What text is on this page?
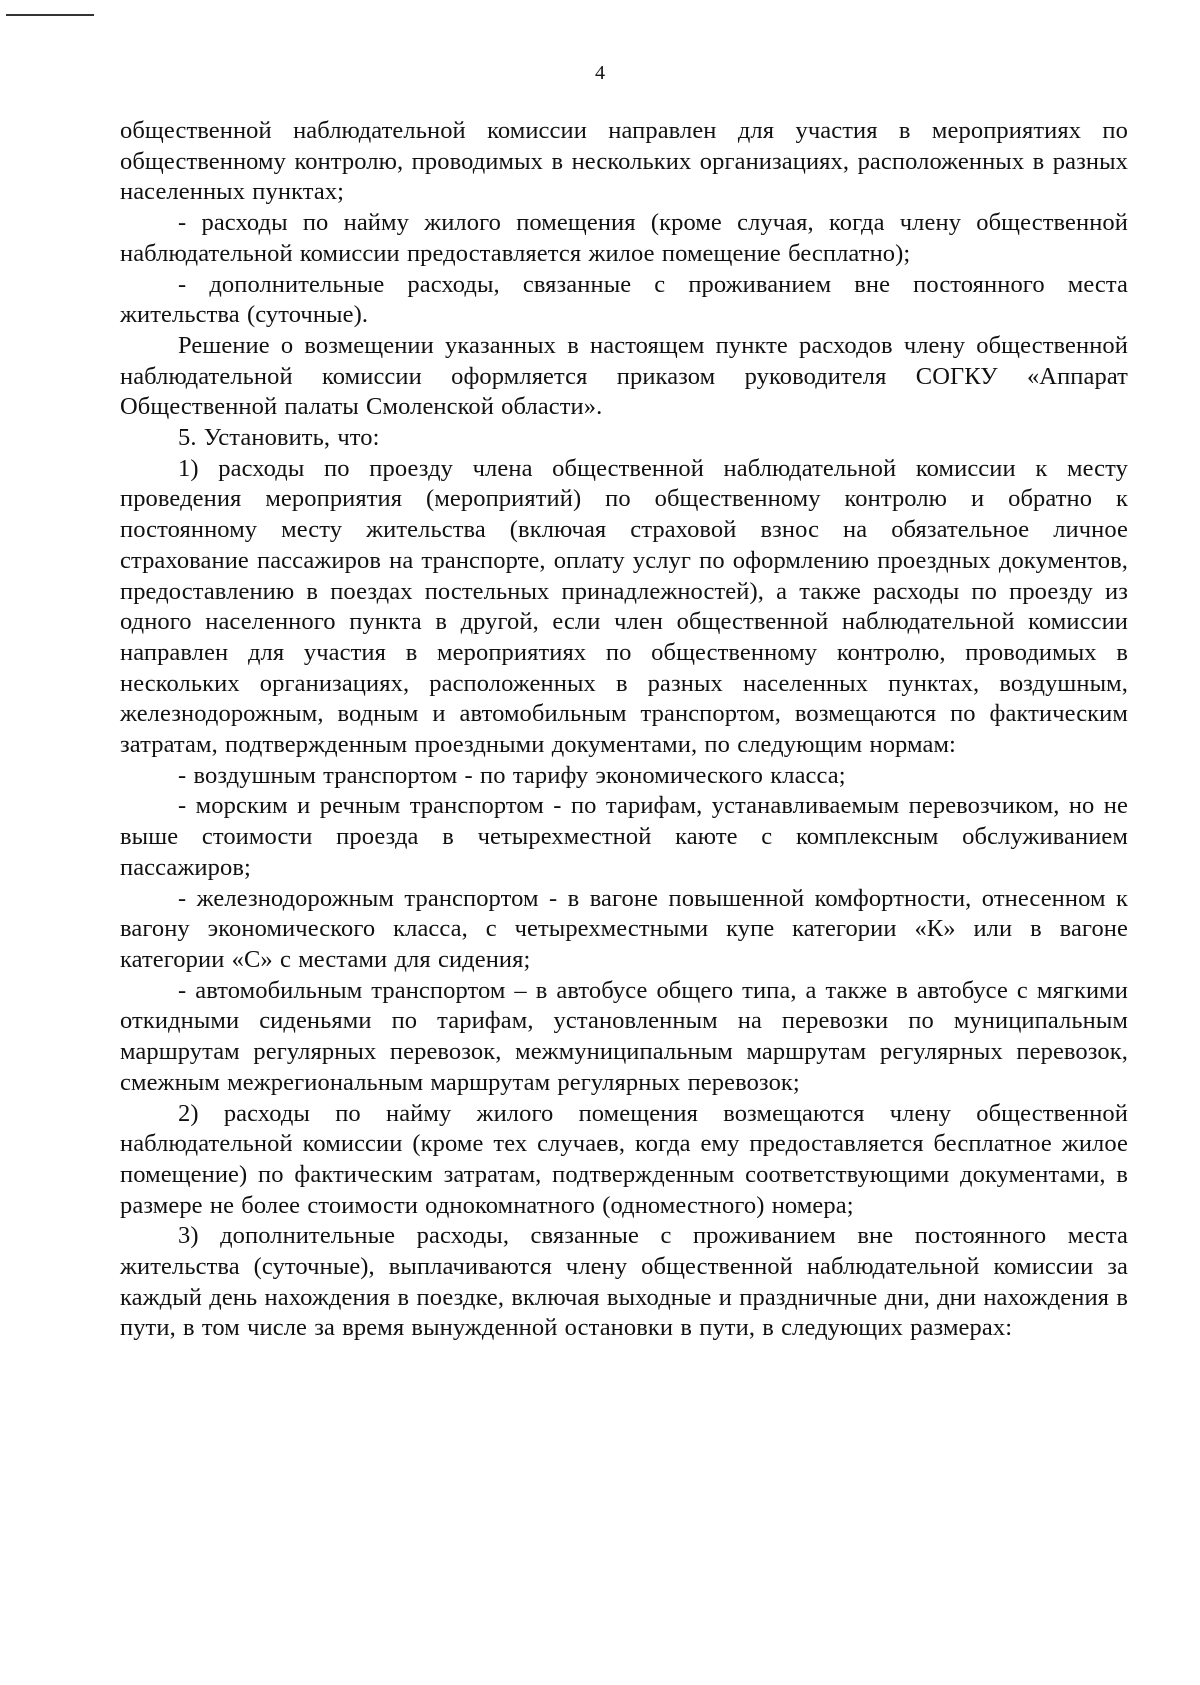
4

общественной наблюдательной комиссии направлен для участия в мероприятиях по общественному контролю, проводимых в нескольких организациях, расположенных в разных населенных пунктах;

- расходы по найму жилого помещения (кроме случая, когда члену общественной наблюдательной комиссии предоставляется жилое помещение бесплатно);

- дополнительные расходы, связанные с проживанием вне постоянного места жительства (суточные).

Решение о возмещении указанных в настоящем пункте расходов члену общественной наблюдательной комиссии оформляется приказом руководителя СОГКУ «Аппарат Общественной палаты Смоленской области».

5. Установить, что:

1) расходы по проезду члена общественной наблюдательной комиссии к месту проведения мероприятия (мероприятий) по общественному контролю и обратно к постоянному месту жительства (включая страховой взнос на обязательное личное страхование пассажиров на транспорте, оплату услуг по оформлению проездных документов, предоставлению в поездах постельных принадлежностей), а также расходы по проезду из одного населенного пункта в другой, если член общественной наблюдательной комиссии направлен для участия в мероприятиях по общественному контролю, проводимых в нескольких организациях, расположенных в разных населенных пунктах, воздушным, железнодорожным, водным и автомобильным транспортом, возмещаются по фактическим затратам, подтвержденным проездными документами, по следующим нормам:

- воздушным транспортом - по тарифу экономического класса;

- морским и речным транспортом - по тарифам, устанавливаемым перевозчиком, но не выше стоимости проезда в четырехместной каюте с комплексным обслуживанием пассажиров;

- железнодорожным транспортом - в вагоне повышенной комфортности, отнесенном к вагону экономического класса, с четырехместными купе категории «К» или в вагоне категории «С» с местами для сидения;

- автомобильным транспортом – в автобусе общего типа, а также в автобусе с мягкими откидными сиденьями по тарифам, установленным на перевозки по муниципальным маршрутам регулярных перевозок, межмуниципальным маршрутам регулярных перевозок, смежным межрегиональным маршрутам регулярных перевозок;

2) расходы по найму жилого помещения возмещаются члену общественной наблюдательной комиссии (кроме тех случаев, когда ему предоставляется бесплатное жилое помещение) по фактическим затратам, подтвержденным соответствующими документами, в размере не более стоимости однокомнатного (одноместного) номера;

3) дополнительные расходы, связанные с проживанием вне постоянного места жительства (суточные), выплачиваются члену общественной наблюдательной комиссии за каждый день нахождения в поездке, включая выходные и праздничные дни, дни нахождения в пути, в том числе за время вынужденной остановки в пути, в следующих размерах:
